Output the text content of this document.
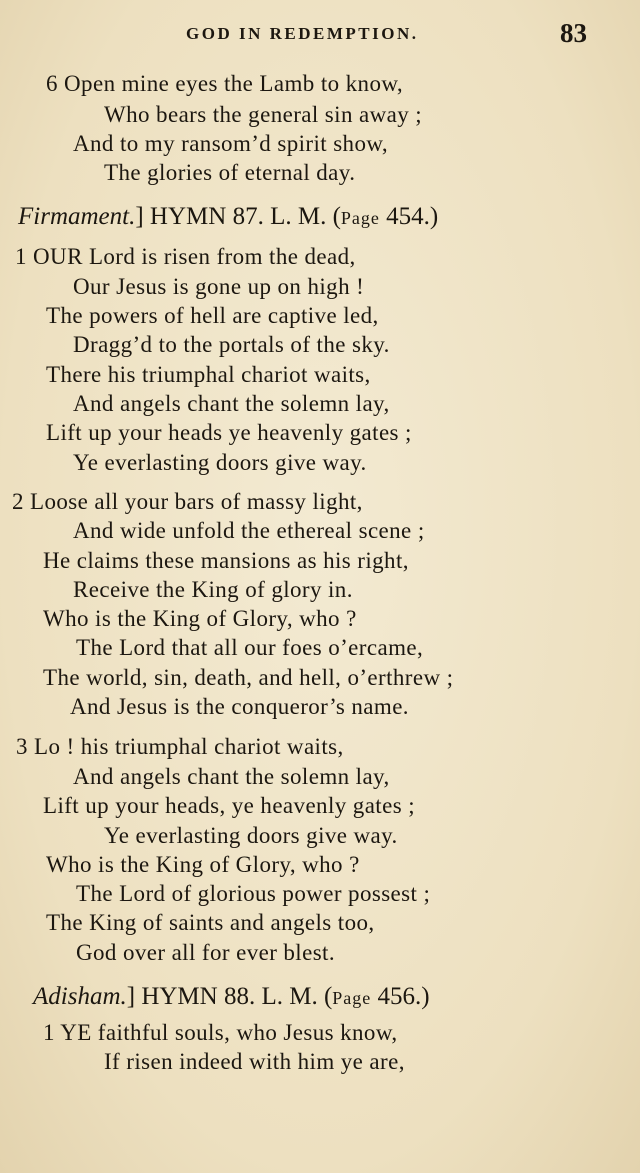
GOD IN REDEMPTION.	83
6 Open mine eyes the Lamb to know,
Who bears the general sin away ;
And to my ransom’d spirit show,
The glories of eternal day.
Firmament.] HYMN 87. L. M. (Page 454.)
1 OUR Lord is risen from the dead,
Our Jesus is gone up on high !
The powers of hell are captive led,
Dragg’d to the portals of the sky.
There his triumphal chariot waits,
And angels chant the solemn lay,
Lift up your heads ye heavenly gates ;
Ye everlasting doors give way.
2 Loose all your bars of massy light,
And wide unfold the ethereal scene ;
He claims these mansions as his right,
Receive the King of glory in.
Who is the King of Glory, who ?
The Lord that all our foes o’ercame,
The world, sin, death, and hell, o’erthrew ;
And Jesus is the conqueror’s name.
3 Lo ! his triumphal chariot waits,
And angels chant the solemn lay,
Lift up your heads, ye heavenly gates ;
Ye everlasting doors give way.
Who is the King of Glory, who ?
The Lord of glorious power possest ;
The King of saints and angels too,
God over all for ever blest.
Adisham.] HYMN 88. L. M. (Page 456.)
1 YE faithful souls, who Jesus know,
If risen indeed with him ye are,
